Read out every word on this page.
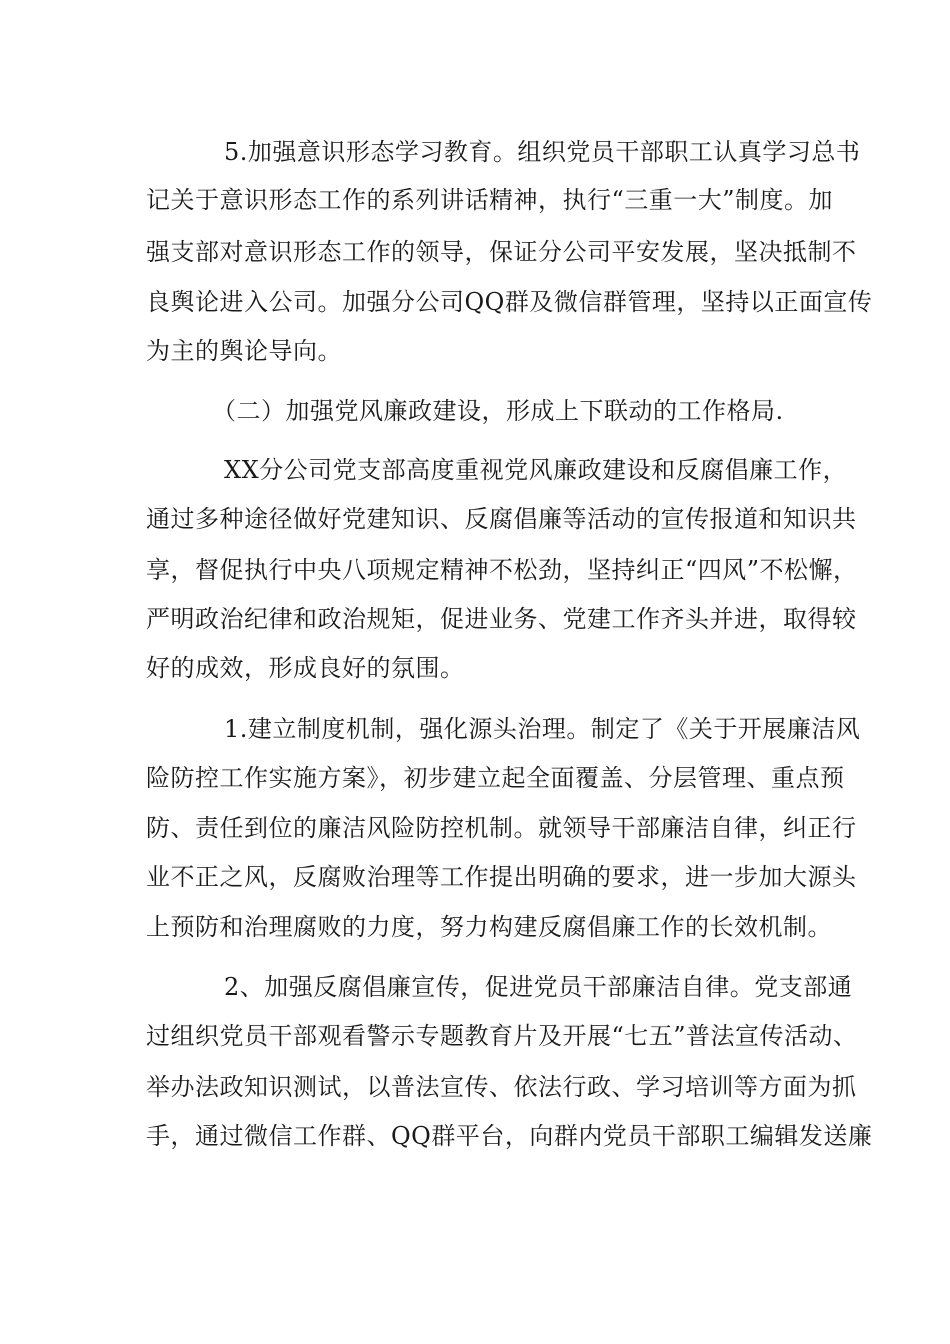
5.加强意识形态学习教育。组织党员干部职工认真学习总书
记关于意识形态工作的系列讲话精神，执行“三重一大”制度。加
强支部对意识形态工作的领导，保证分公司平安发展，坚决抵制不
良舆论进入公司。加强分公司QQ群及微信群管理，坚持以正面宣传
为主的舆论导向。
（二）加强党风廉政建设，形成上下联动的工作格局.
XX分公司党支部高度重视党风廉政建设和反腐倡廉工作，
通过多种途径做好党建知识、反腐倡廉等活动的宣传报道和知识共
享，督促执行中央八项规定精神不松劲，坚持纠正“四风”不松懈，
严明政治纪律和政治规矩，促进业务、党建工作齐头并进，取得较
好的成效，形成良好的氛围。
1.建立制度机制，强化源头治理。制定了《关于开展廉洁风
险防控工作实施方案》，初步建立起全面覆盖、分层管理、重点预
防、责任到位的廉洁风险防控机制。就领导干部廉洁自律，纠正行
业不正之风，反腐败治理等工作提出明确的要求，进一步加大源头
上预防和治理腐败的力度，努力构建反腐倡廉工作的长效机制。
2、加强反腐倡廉宣传，促进党员干部廉洁自律。党支部通
过组织党员干部观看警示专题教育片及开展“七五”普法宣传活动、
举办法政知识测试，以普法宣传、依法行政、学习培训等方面为抓
手，通过微信工作群、QQ群平台，向群内党员干部职工编辑发送廉
